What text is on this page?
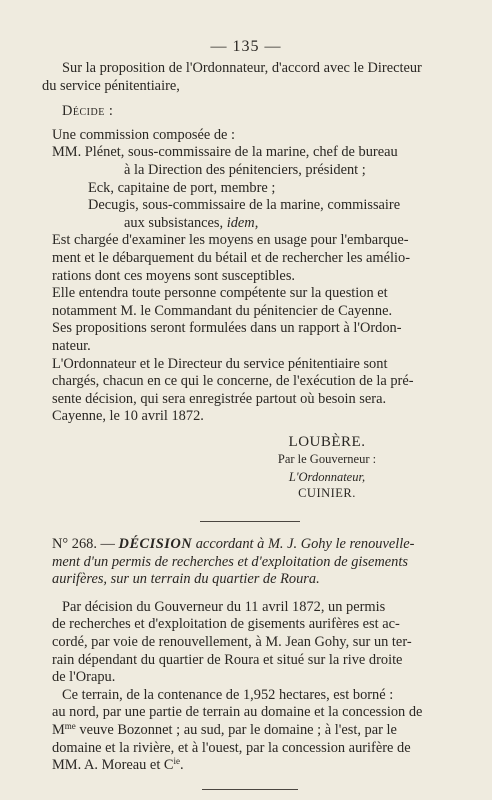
— 135 —
Sur la proposition de l'Ordonnateur, d'accord avec le Directeur
du service pénitentiaire,
Décide :
Une commission composée de :
MM. Plénet, sous-commissaire de la marine, chef de bureau
à la Direction des pénitenciers, président ;
Eck, capitaine de port, membre ;
Decugis, sous-commissaire de la marine, commissaire
aux subsistances, idem,
Est chargée d'examiner les moyens en usage pour l'embarque-
ment et le débarquement du bétail et de rechercher les amélio-
rations dont ces moyens sont susceptibles.
Elle entendra toute personne compétente sur la question et
notamment M. le Commandant du pénitencier de Cayenne.
Ses propositions seront formulées dans un rapport à l'Ordon-
nateur.
L'Ordonnateur et le Directeur du service pénitentiaire sont
chargés, chacun en ce qui le concerne, de l'exécution de la pré-
sente décision, qui sera enregistrée partout où besoin sera.
Cayenne, le 10 avril 1872.
LOUBÈRE.
Par le Gouverneur :
L'Ordonnateur,
CUINIER.
N° 268. — DÉCISION accordant à M. J. Gohy le renouvelle-
ment d'un permis de recherches et d'exploitation de gisements
aurifères, sur un terrain du quartier de Roura.
Par décision du Gouverneur du 11 avril 1872, un permis
de recherches et d'exploitation de gisements aurifères est ac-
cordé, par voie de renouvellement, à M. Jean Gohy, sur un ter-
rain dépendant du quartier de Roura et situé sur la rive droite
de l'Orapu.
Ce terrain, de la contenance de 1,952 hectares, est borné :
au nord, par une partie de terrain au domaine et la concession de
$M^{me}$ veuve Bozonnet ; au sud, par le domaine ; à l'est, par le
domaine et la rivière, et à l'ouest, par la concession aurifère de
MM. A. Moreau et $C^{ie}$.
